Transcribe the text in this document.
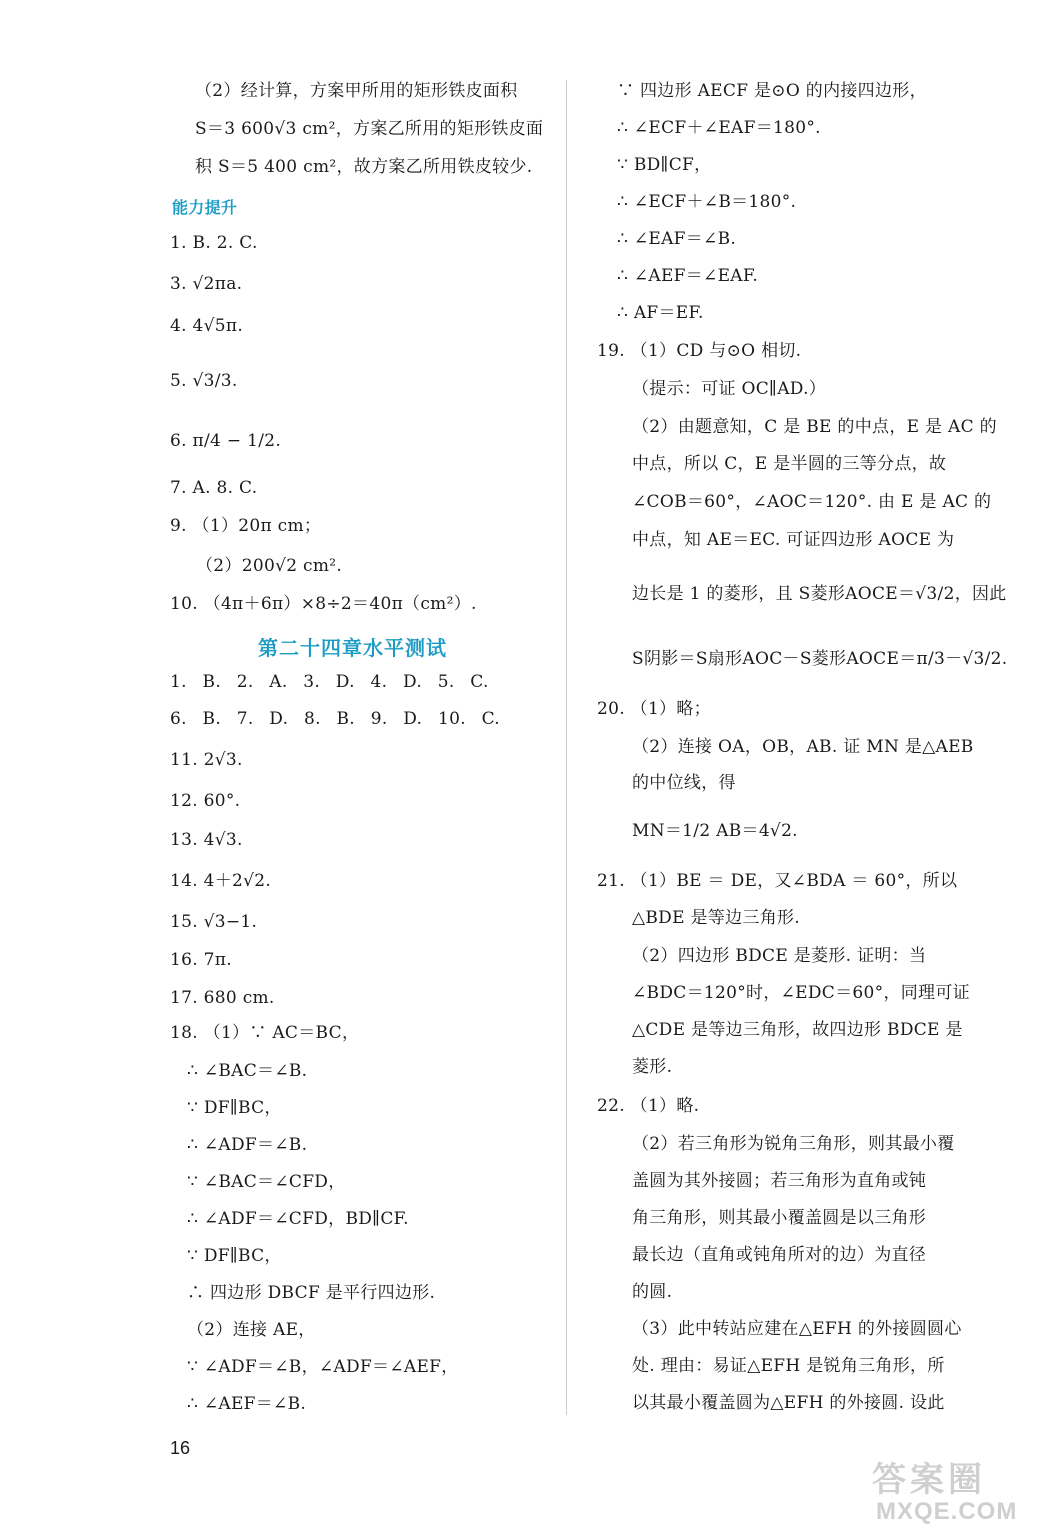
（2）经计算，方案甲所用的矩形铁皮面积
S＝3 600√3 cm²，方案乙所用的矩形铁皮面
积 S＝5 400 cm²，故方案乙所用铁皮较少.
能力提升
1. B. 2. C.
3. √2πa.
4. 4√5π.
5. √3/3.
6. π/4 − 1/2.
7. A. 8. C.
9. （1）20π cm；
（2）200√2 cm².
10. （4π＋6π）×8÷2＝40π（cm²）.
第二十四章水平测试
1. B. 2. A. 3. D. 4. D. 5. C.
6. B. 7. D. 8. B. 9. D. 10. C.
11. 2√3.
12. 60°.
13. 4√3.
14. 4＋2√2.
15. √3−1.
16. 7π.
17. 680 cm.
18. （1）∵ AC＝BC，
∴ ∠BAC＝∠B.
∵ DF∥BC，
∴ ∠ADF＝∠B.
∵ ∠BAC＝∠CFD，
∴ ∠ADF＝∠CFD，BD∥CF.
∵ DF∥BC，
∴ 四边形 DBCF 是平行四边形.
（2）连接 AE，
∵ ∠ADF＝∠B，∠ADF＝∠AEF，
∴ ∠AEF＝∠B.
∵ 四边形 AECF 是⊙O 的内接四边形，
∴ ∠ECF＋∠EAF＝180°.
∵ BD∥CF，
∴ ∠ECF＋∠B＝180°.
∴ ∠EAF＝∠B.
∴ ∠AEF＝∠EAF.
∴ AF＝EF.
19. （1）CD 与⊙O 相切.
（提示：可证 OC∥AD.）
（2）由题意知，C 是 BE 的中点，E 是 AC 的
中点，所以 C，E 是半圆的三等分点，故
∠COB＝60°，∠AOC＝120°. 由 E 是 AC 的
中点，知 AE＝EC. 可证四边形 AOCE 为
边长是 1 的菱形，且 S菱形AOCE＝√3/2，因此
S阴影＝S扇形AOC－S菱形AOCE＝π/3－√3/2.
20. （1）略；
（2）连接 OA，OB，AB. 证 MN 是△AEB
的中位线，得
MN＝1/2 AB＝4√2.
21. （1）BE ＝ DE，又∠BDA ＝ 60°，所以
△BDE 是等边三角形.
（2）四边形 BDCE 是菱形. 证明：当
∠BDC＝120°时，∠EDC＝60°，同理可证
△CDE 是等边三角形，故四边形 BDCE 是
菱形.
22. （1）略.
（2）若三角形为锐角三角形，则其最小覆
盖圆为其外接圆；若三角形为直角或钝
角三角形，则其最小覆盖圆是以三角形
最长边（直角或钝角所对的边）为直径
的圆.
（3）此中转站应建在△EFH 的外接圆圆心
处. 理由：易证△EFH 是锐角三角形，所
以其最小覆盖圆为△EFH 的外接圆. 设此
16
答案圈
MXQE.COM
